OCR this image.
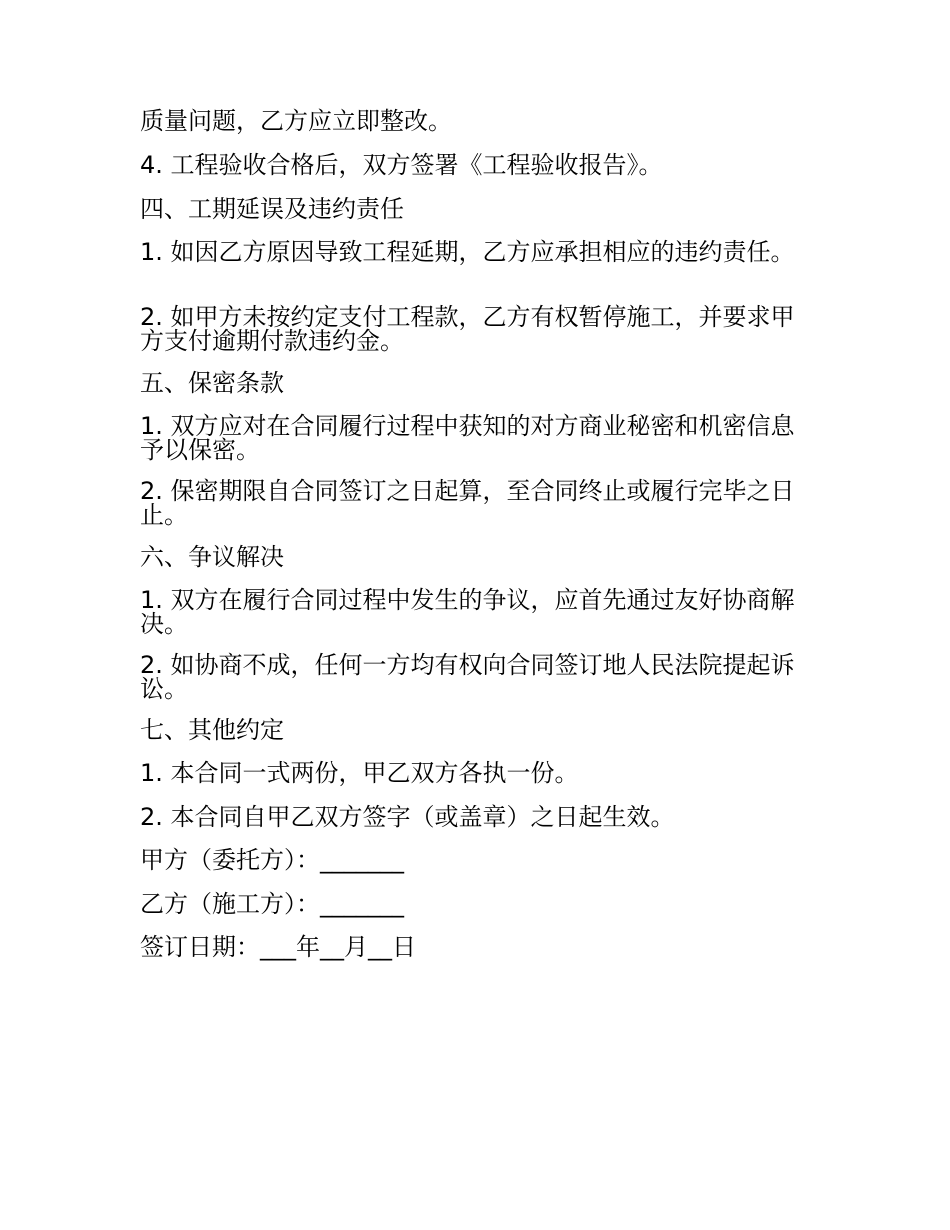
质量问题，乙方应立即整改。

4. 工程验收合格后，双方签署《工程验收报告》。

四、工期延误及违约责任

1. 如因乙方原因导致工程延期，乙方应承担相应的违约责任。

2. 如甲方未按约定支付工程款，乙方有权暂停施工，并要求甲方支付逾期付款违约金。

五、保密条款

1. 双方应对在合同履行过程中获知的对方商业秘密和机密信息予以保密。

2. 保密期限自合同签订之日起算，至合同终止或履行完毕之日止。

六、争议解决

1. 双方在履行合同过程中发生的争议，应首先通过友好协商解决。

2. 如协商不成，任何一方均有权向合同签订地人民法院提起诉讼。

七、其他约定

1. 本合同一式两份，甲乙双方各执一份。

2. 本合同自甲乙双方签字（或盖章）之日起生效。

甲方（委托方）：_______

乙方（施工方）：_______

签订日期：___年__月__日
